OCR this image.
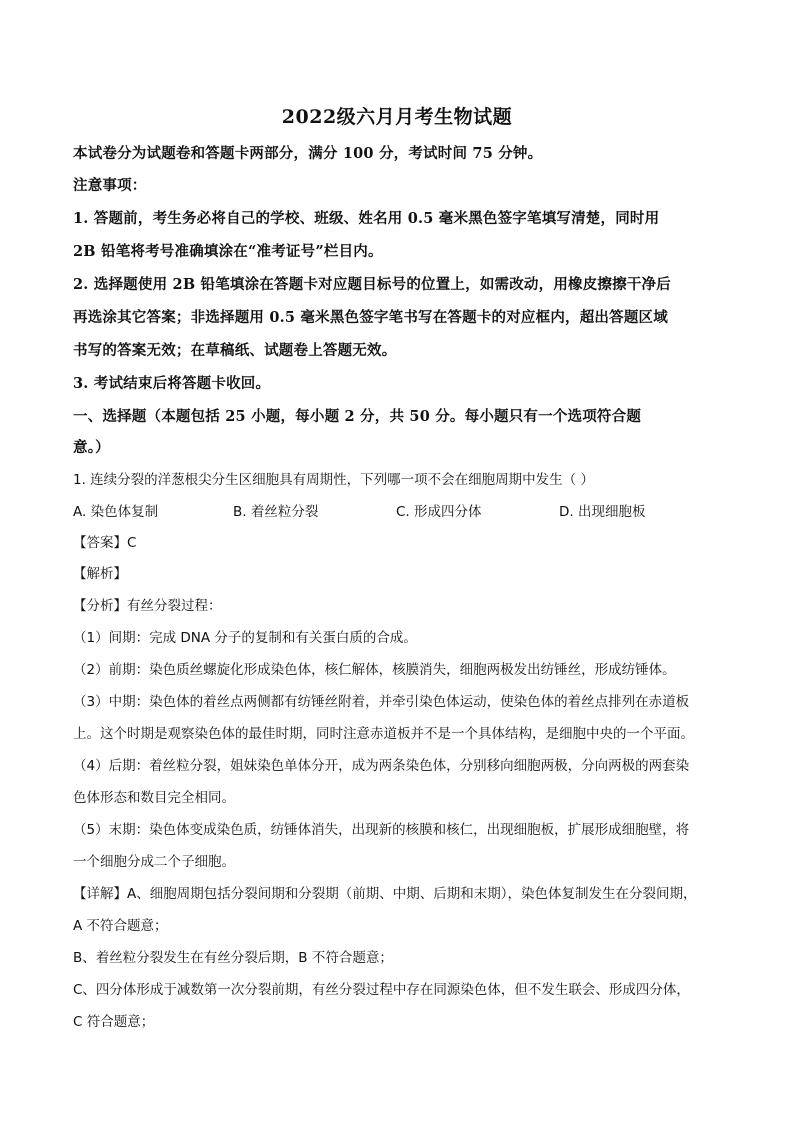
2022级六月月考生物试题
本试卷分为试题卷和答题卡两部分，满分 100 分，考试时间 75 分钟。
注意事项：
1. 答题前，考生务必将自己的学校、班级、姓名用 0.5 毫米黑色签字笔填写清楚，同时用
2B 铅笔将考号准确填涂在“准考证号”栏目内。
2. 选择题使用 2B 铅笔填涂在答题卡对应题目标号的位置上，如需改动，用橡皮擦擦干净后
再选涂其它答案；非选择题用 0.5 毫米黑色签字笔书写在答题卡的对应框内，超出答题区域
书写的答案无效；在草稿纸、试题卷上答题无效。
3. 考试结束后将答题卡收回。
一、选择题（本题包括 25 小题，每小题 2 分，共 50 分。每小题只有一个选项符合题
意。）
1. 连续分裂的洋葱根尖分生区细胞具有周期性，下列哪一项不会在细胞周期中发生（ ）
A. 染色体复制	B. 着丝粒分裂	C. 形成四分体	D. 出现细胞板
【答案】C
【解析】
【分析】有丝分裂过程：
（1）间期：完成 DNA 分子的复制和有关蛋白质的合成。
（2）前期：染色质丝螺旋化形成染色体，核仁解体，核膜消失，细胞两极发出纺锤丝，形成纺锤体。
（3）中期：染色体的着丝点两侧都有纺锤丝附着，并牵引染色体运动，使染色体的着丝点排列在赤道板
上。这个时期是观察染色体的最佳时期，同时注意赤道板并不是一个具体结构，是细胞中央的一个平面。
（4）后期：着丝粒分裂，姐妹染色单体分开，成为两条染色体，分别移向细胞两极，分向两极的两套染
色体形态和数目完全相同。
（5）末期：染色体变成染色质，纺锤体消失，出现新的核膜和核仁，出现细胞板，扩展形成细胞壁，将
一个细胞分成二个子细胞。
【详解】A、细胞周期包括分裂间期和分裂期（前期、中期、后期和末期），染色体复制发生在分裂间期，
A 不符合题意；
B、着丝粒分裂发生在有丝分裂后期，B 不符合题意；
C、四分体形成于减数第一次分裂前期，有丝分裂过程中存在同源染色体，但不发生联会、形成四分体，
C 符合题意；
